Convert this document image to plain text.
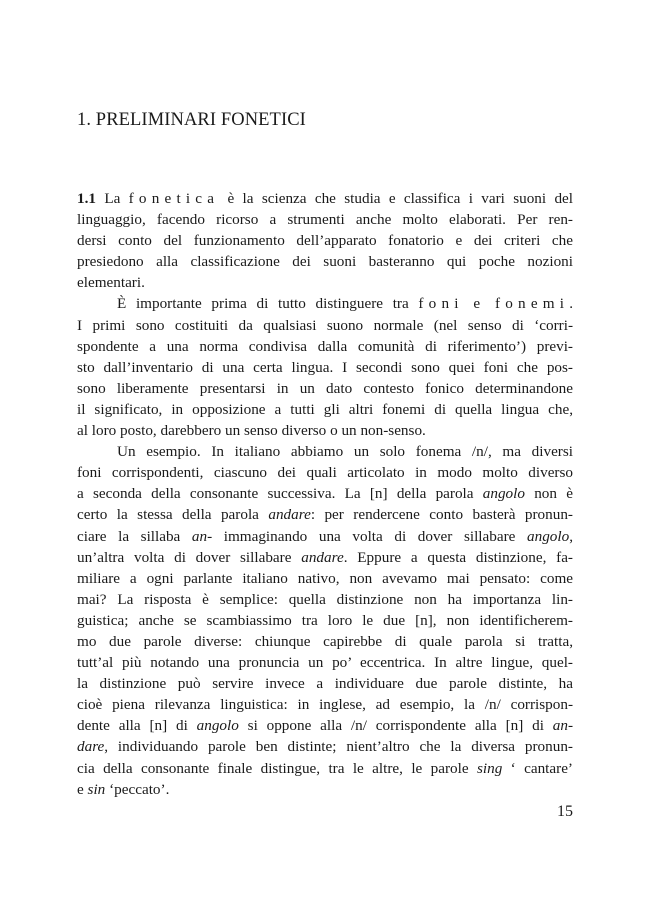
1. PRELIMINARI FONETICI
1.1 La fonetica è la scienza che studia e classifica i vari suoni del
linguaggio, facendo ricorso a strumenti anche molto elaborati. Per ren-
dersi conto del funzionamento dell’apparato fonatorio e dei criteri che
presiedono alla classificazione dei suoni basteranno qui poche nozioni
elementari.
È importante prima di tutto distinguere tra foni e fonemi.
I primi sono costituiti da qualsiasi suono normale (nel senso di ‘corri-
spondente a una norma condivisa dalla comunità di riferimento’) previ-
sto dall’inventario di una certa lingua. I secondi sono quei foni che pos-
sono liberamente presentarsi in un dato contesto fonico determinandone
il significato, in opposizione a tutti gli altri fonemi di quella lingua che,
al loro posto, darebbero un senso diverso o un non-senso.
Un esempio. In italiano abbiamo un solo fonema /n/, ma diversi
foni corrispondenti, ciascuno dei quali articolato in modo molto diverso
a seconda della consonante successiva. La [n] della parola angolo non è
certo la stessa della parola andare: per rendercene conto basterà pronun-
ciare la sillaba an- immaginando una volta di dover sillabare angolo,
un’altra volta di dover sillabare andare. Eppure a questa distinzione, fa-
miliare a ogni parlante italiano nativo, non avevamo mai pensato: come
mai? La risposta è semplice: quella distinzione non ha importanza lin-
guistica; anche se scambiassimo tra loro le due [n], non identificherem-
mo due parole diverse: chiunque capirebbe di quale parola si tratta,
tutt’al più notando una pronuncia un po’ eccentrica. In altre lingue, quel-
la distinzione può servire invece a individuare due parole distinte, ha
cioè piena rilevanza linguistica: in inglese, ad esempio, la /n/ corrispon-
dente alla [n] di angolo si oppone alla /n/ corrispondente alla [n] di an-
dare, individuando parole ben distinte; nient’altro che la diversa pronun-
cia della consonante finale distingue, tra le altre, le parole sing ‘ cantare’
e sin ‘peccato’.
15
